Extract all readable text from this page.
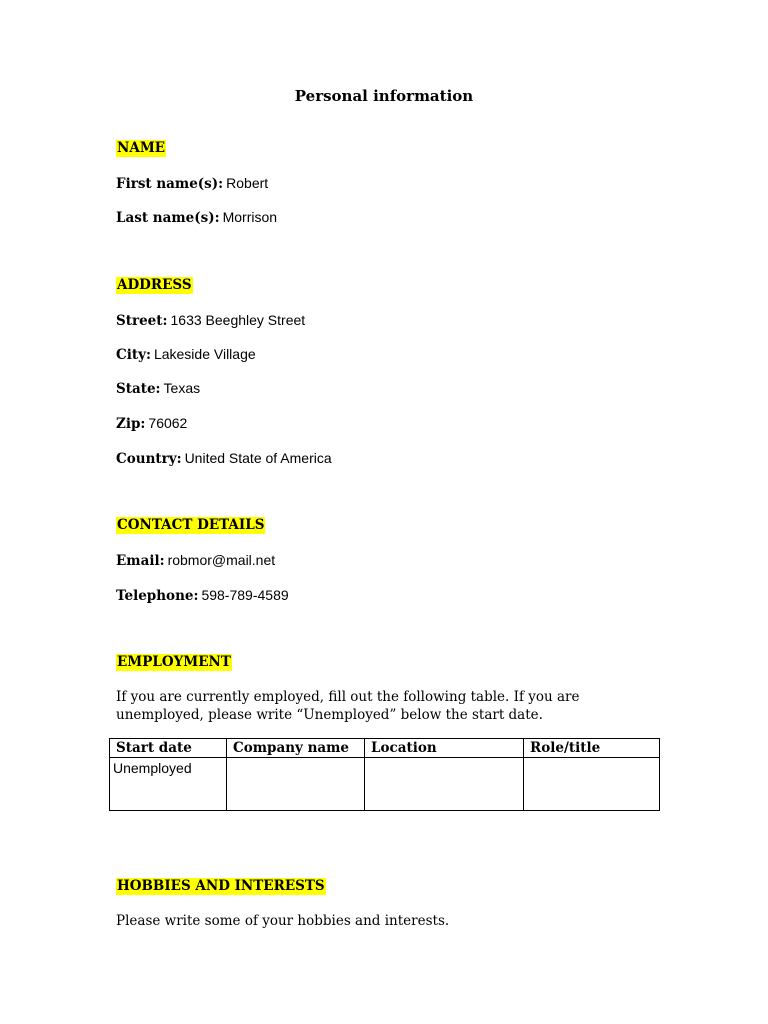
Personal information
NAME
First name(s): Robert
Last name(s): Morrison
ADDRESS
Street: 1633 Beeghley Street
City: Lakeside Village
State: Texas
Zip: 76062
Country: United State of America
CONTACT DETAILS
Email: robmor@mail.net
Telephone: 598-789-4589
EMPLOYMENT
If you are currently employed, fill out the following table. If you are unemployed, please write “Unemployed” below the start date.
Start date	Company name	Location	Role/title
Unemployed			
HOBBIES AND INTERESTS
Please write some of your hobbies and interests.
